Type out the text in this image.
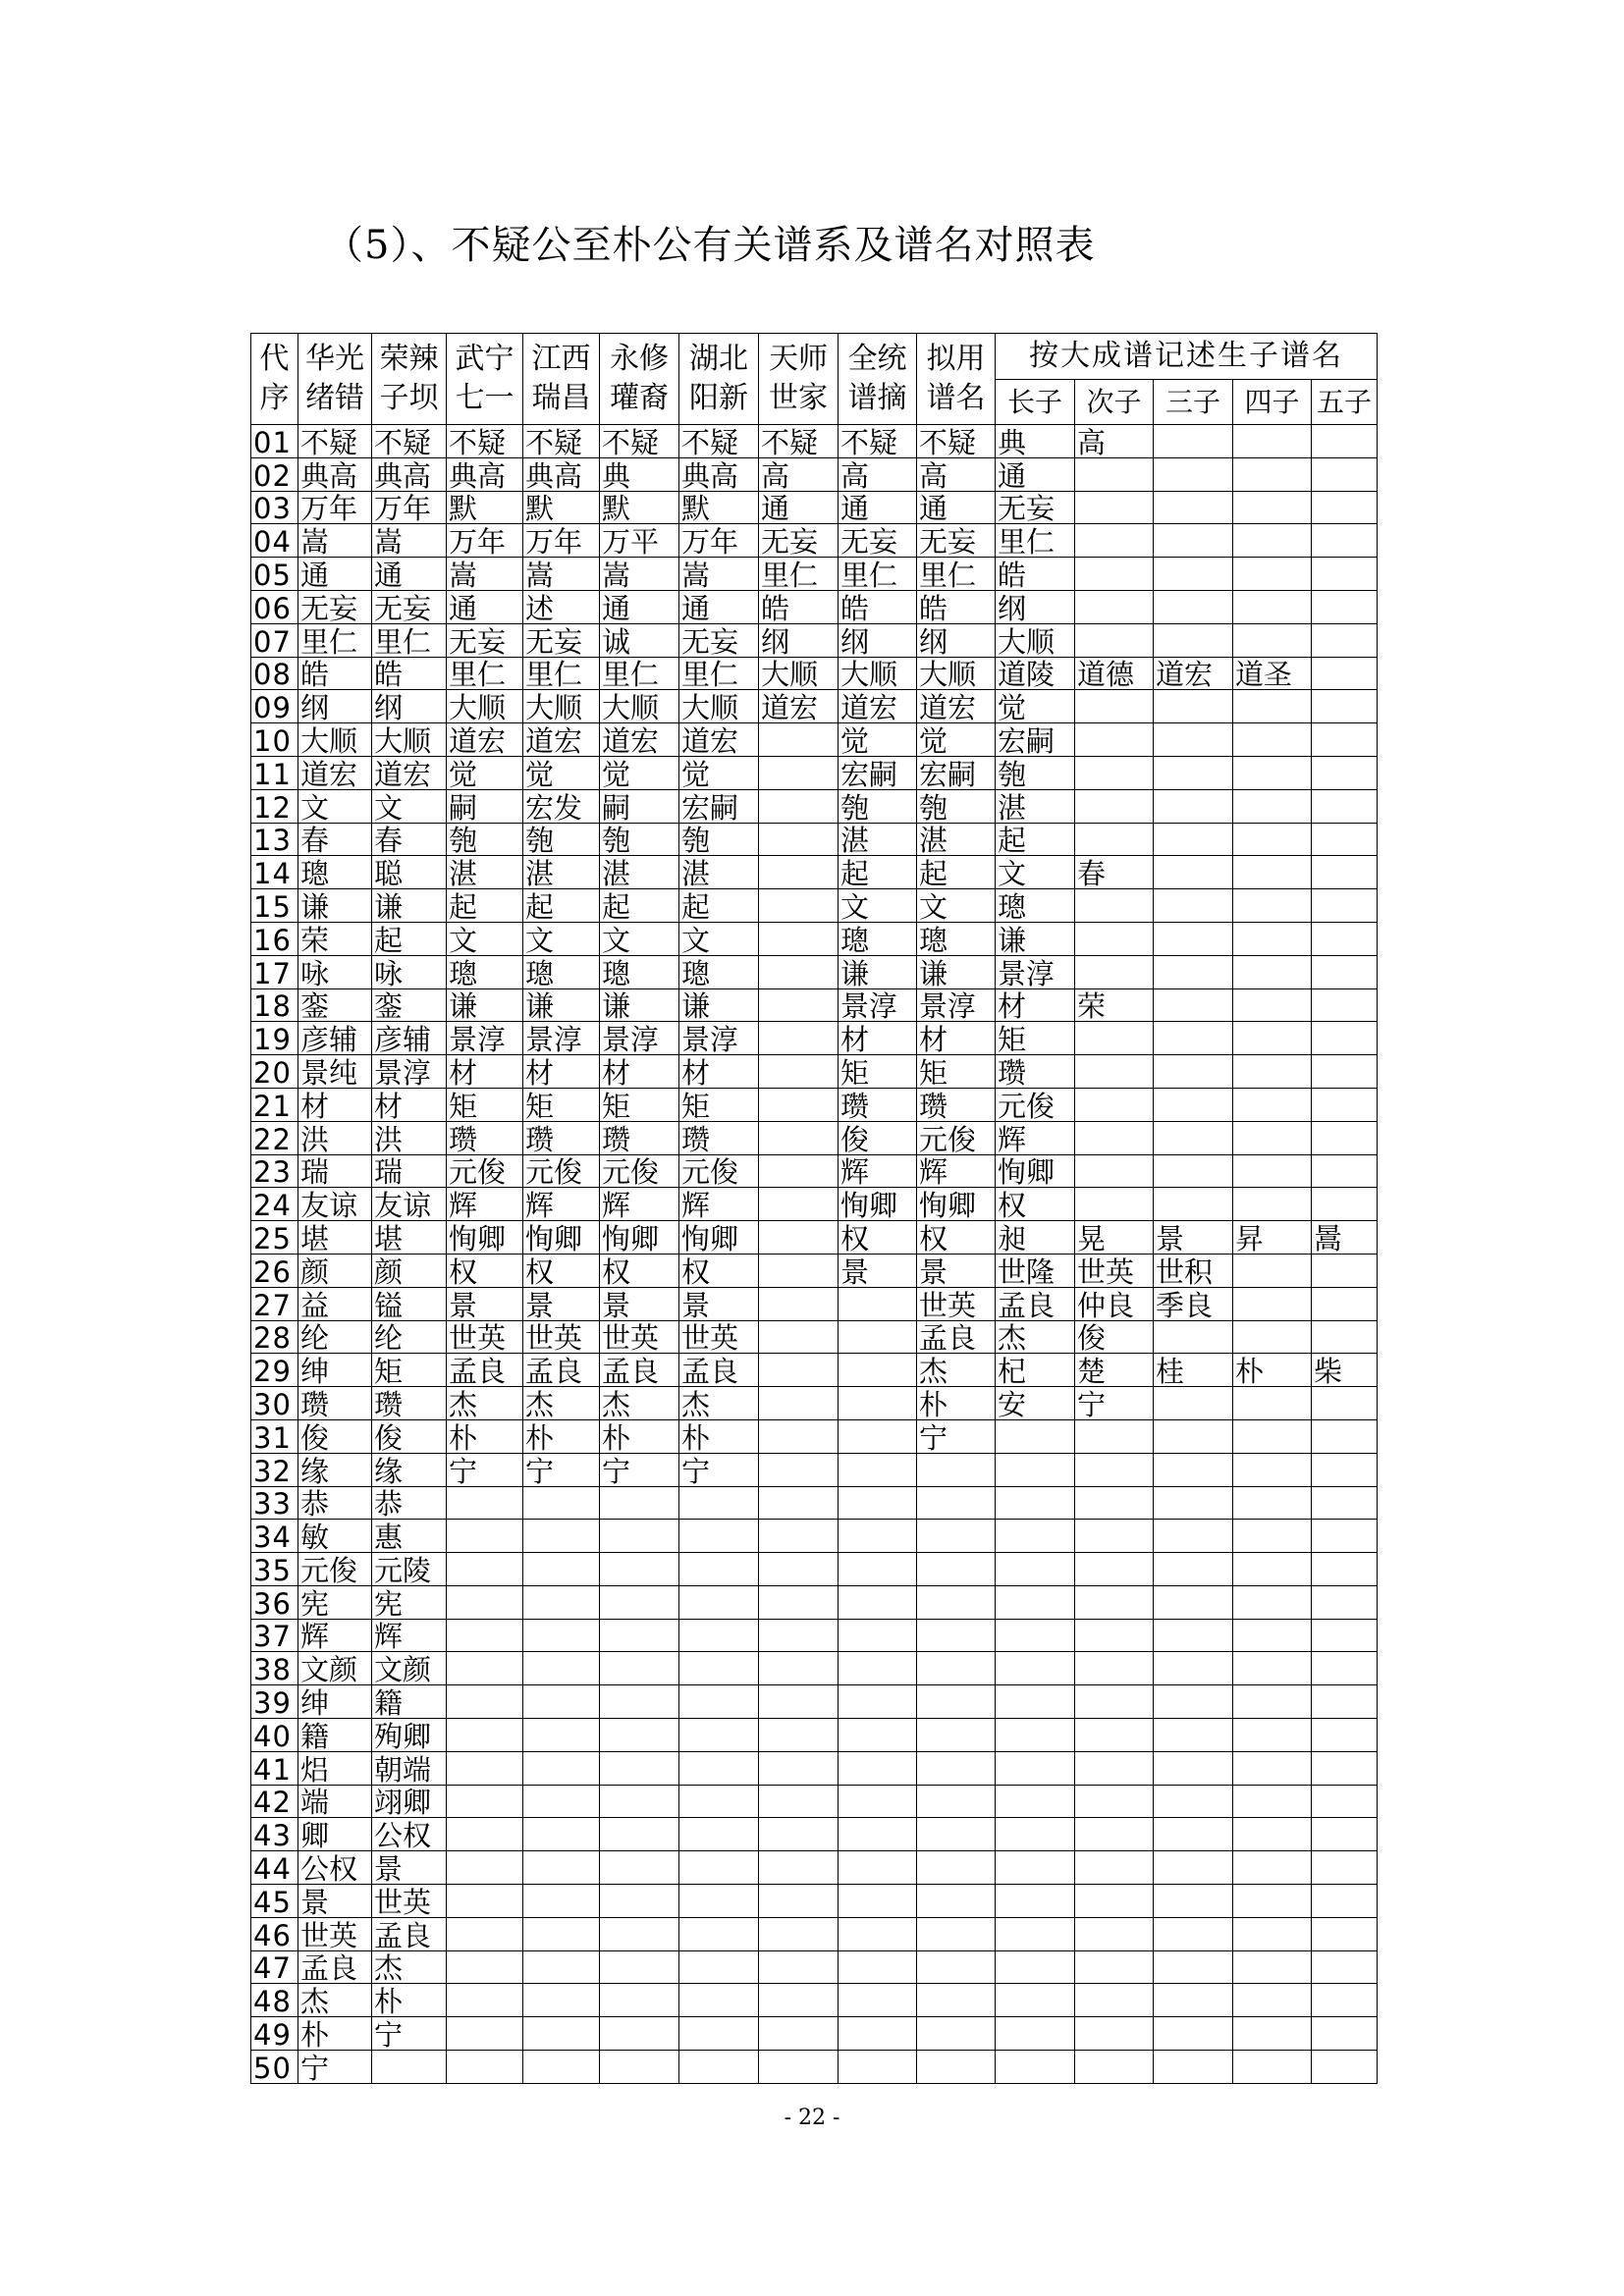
（5）、不疑公至朴公有关谱系及谱名对照表
代序	华光绪错	荣辣子坝	武宁七一	江西瑞昌	永修瓘裔	湖北阳新	天师世家	全统谱摘	拟用谱名	按大成谱记述生子谱名				
										长子	次子	三子	四子	五子
01	不疑	不疑	不疑	不疑	不疑	不疑	不疑	不疑	不疑	典	高			
02	典高	典高	典高	典高	典	典高	高	高	高	通				
03	万年	万年	默	默	默	默	通	通	通	无妄				
04	嵩	嵩	万年	万年	万平	万年	无妄	无妄	无妄	里仁				
05	通	通	嵩	嵩	嵩	嵩	里仁	里仁	里仁	皓				
06	无妄	无妄	通	述	通	通	皓	皓	皓	纲				
07	里仁	里仁	无妄	无妄	诚	无妄	纲	纲	纲	大顺				
08	皓	皓	里仁	里仁	里仁	里仁	大顺	大顺	大顺	道陵	道德	道宏	道圣	
09	纲	纲	大顺	大顺	大顺	大顺	道宏	道宏	道宏	觉				
10	大顺	大顺	道宏	道宏	道宏	道宏		觉	觉	宏嗣				
11	道宏	道宏	觉	觉	觉	觉		宏嗣	宏嗣	匏				
12	文	文	嗣	宏发	嗣	宏嗣		匏	匏	湛				
13	春	春	匏	匏	匏	匏		湛	湛	起				
14	璁	聪	湛	湛	湛	湛		起	起	文	春			
15	谦	谦	起	起	起	起		文	文	璁				
16	荣	起	文	文	文	文		璁	璁	谦				
17	咏	咏	璁	璁	璁	璁		谦	谦	景淳				
18	銮	銮	谦	谦	谦	谦		景淳	景淳	材	荣			
19	彦辅	彦辅	景淳	景淳	景淳	景淳		材	材	矩				
20	景纯	景淳	材	材	材	材		矩	矩	瓒				
21	材	材	矩	矩	矩	矩		瓒	瓒	元俊				
22	洪	洪	瓒	瓒	瓒	瓒		俊	元俊	辉				
23	瑞	瑞	元俊	元俊	元俊	元俊		辉	辉	恂卿				
24	友谅	友谅	辉	辉	辉	辉		恂卿	恂卿	权				
25	堪	堪	恂卿	恂卿	恂卿	恂卿		权	权	昶	晃	景	昇	暠
26	颜	颜	权	权	权	权		景	景	世隆	世英	世积		
27	益	镒	景	景	景	景			世英	孟良	仲良	季良		
28	纶	纶	世英	世英	世英	世英			孟良	杰	俊			
29	绅	矩	孟良	孟良	孟良	孟良			杰	杞	楚	桂	朴	柴
30	瓒	瓒	杰	杰	杰	杰			朴	安	宁			
31	俊	俊	朴	朴	朴	朴			宁					
32	缘	缘	宁	宁	宁	宁								
33	恭	恭												
34	敏	惠												
35	元俊	元陵												
36	宪	宪												
37	辉	辉												
38	文颜	文颜												
39	绅	籍												
40	籍	殉卿												
41	焒	朝端												
42	端	翊卿												
43	卿	公权												
44	公权	景												
45	景	世英												
46	世英	孟良												
47	孟良	杰												
48	杰	朴												
49	朴	宁												
50	宁													
- 22 -
